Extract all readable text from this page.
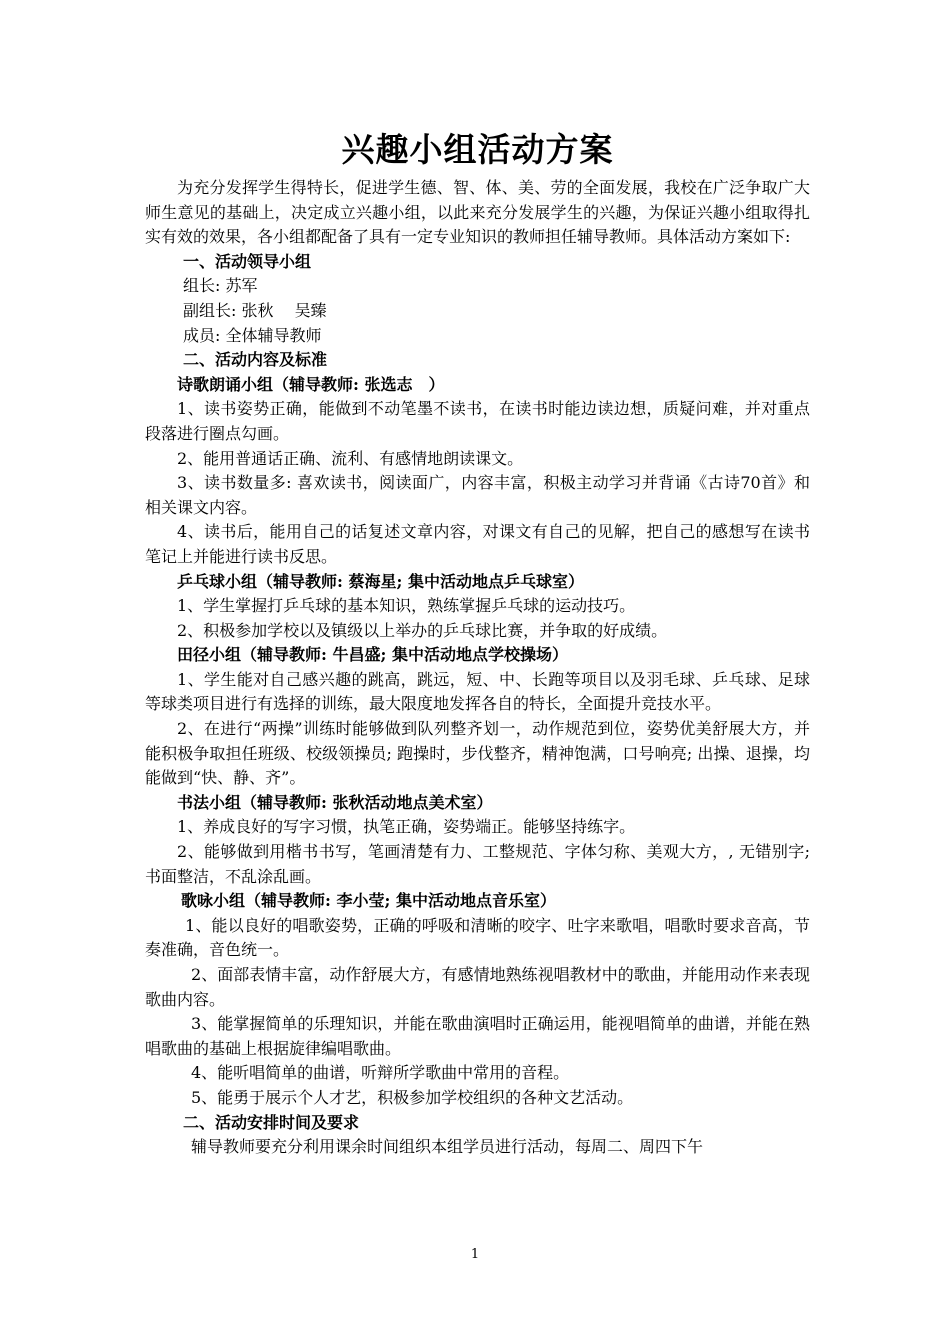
兴趣小组活动方案

为充分发挥学生得特长，促进学生德、智、体、美、劳的全面发展，我校在广泛争取广大师生意见的基础上，决定成立兴趣小组，以此来充分发展学生的兴趣，为保证兴趣小组取得扎实有效的效果，各小组都配备了具有一定专业知识的教师担任辅导教师。具体活动方案如下:

一、活动领导小组

组长: 苏军

副组长: 张秋　 吴臻

成员: 全体辅导教师

二、活动内容及标准

诗歌朗诵小组（辅导教师: 张选志　）

1、读书姿势正确，能做到不动笔墨不读书，在读书时能边读边想，质疑问难，并对重点段落进行圈点勾画。

2、能用普通话正确、流利、有感情地朗读课文。

3、读书数量多: 喜欢读书，阅读面广，内容丰富，积极主动学习并背诵《古诗70首》和相关课文内容。

4、读书后，能用自己的话复述文章内容，对课文有自己的见解，把自己的感想写在读书笔记上并能进行读书反思。

乒乓球小组（辅导教师: 蔡海星; 集中活动地点乒乓球室）

1、学生掌握打乒乓球的基本知识，熟练掌握乒乓球的运动技巧。

2、积极参加学校以及镇级以上举办的乒乓球比赛，并争取的好成绩。

田径小组（辅导教师: 牛昌盛; 集中活动地点学校操场）

1、学生能对自己感兴趣的跳高，跳远，短、中、长跑等项目以及羽毛球、乒乓球、足球等球类项目进行有选择的训练，最大限度地发挥各自的特长，全面提升竞技水平。

2、在进行“两操”训练时能够做到队列整齐划一，动作规范到位，姿势优美舒展大方，并能积极争取担任班级、校级领操员; 跑操时，步伐整齐，精神饱满，口号响亮; 出操、退操，均能做到“快、静、齐”。

书法小组（辅导教师: 张秋活动地点美术室）

1、养成良好的写字习惯，执笔正确，姿势端正。能够坚持练字。

2、能够做到用楷书书写，笔画清楚有力、工整规范、字体匀称、美观大方，, 无错别字; 书面整洁，不乱涂乱画。

歌咏小组（辅导教师: 李小莹; 集中活动地点音乐室）

1、能以良好的唱歌姿势，正确的呼吸和清晰的咬字、吐字来歌唱，唱歌时要求音高，节奏准确，音色统一。

2、面部表情丰富，动作舒展大方，有感情地熟练视唱教材中的歌曲，并能用动作来表现歌曲内容。

3、能掌握简单的乐理知识，并能在歌曲演唱时正确运用，能视唱简单的曲谱，并能在熟唱歌曲的基础上根据旋律编唱歌曲。

4、能听唱简单的曲谱，听辩所学歌曲中常用的音程。

5、能勇于展示个人才艺，积极参加学校组织的各种文艺活动。

二、活动安排时间及要求

辅导教师要充分利用课余时间组织本组学员进行活动，每周二、周四下午

1
